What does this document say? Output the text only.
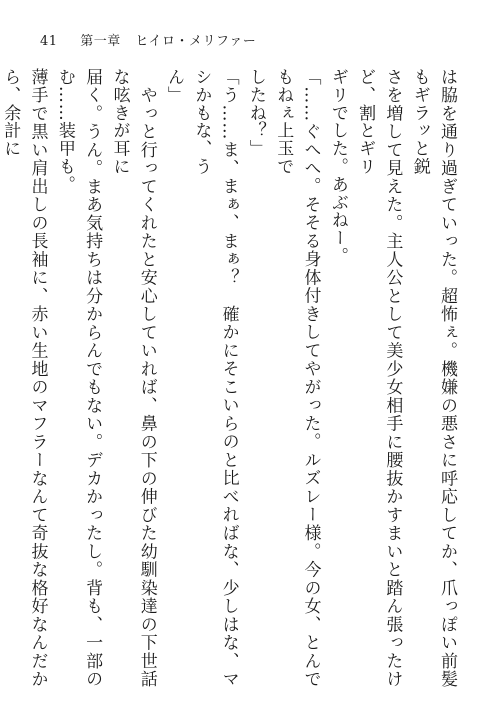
41 第一章 ヒイロ・メリファー

は脇を通り過ぎていった。超怖ぇ。機嫌の悪さに呼応してか、爪っぽい前髪もギラッと鋭

さを増して見えた。主人公として美少女相手に腰抜かすまいと踏ん張ったけど、割とギリ

ギリでした。あぶねー。

「……ぐへへ。そそる身体付きしてやがった。ルズレー様。今の女、とんでもねぇ上玉で

したね？」

「う……ま、まぁ、まぁ？　確かにそこいらのと比べればな、少しはな、マシかもな、う

ん」

　やっと行ってくれたと安心していれば、鼻の下の伸びた幼馴染達の下世話な呟きが耳に

届く。うん。まあ気持ちは分からんでもない。デカかったし。背も、一部のむ……装甲も。

薄手で黒い肩出しの長袖に、赤い生地のマフラーなんて奇抜な格好なんだから、余計に
